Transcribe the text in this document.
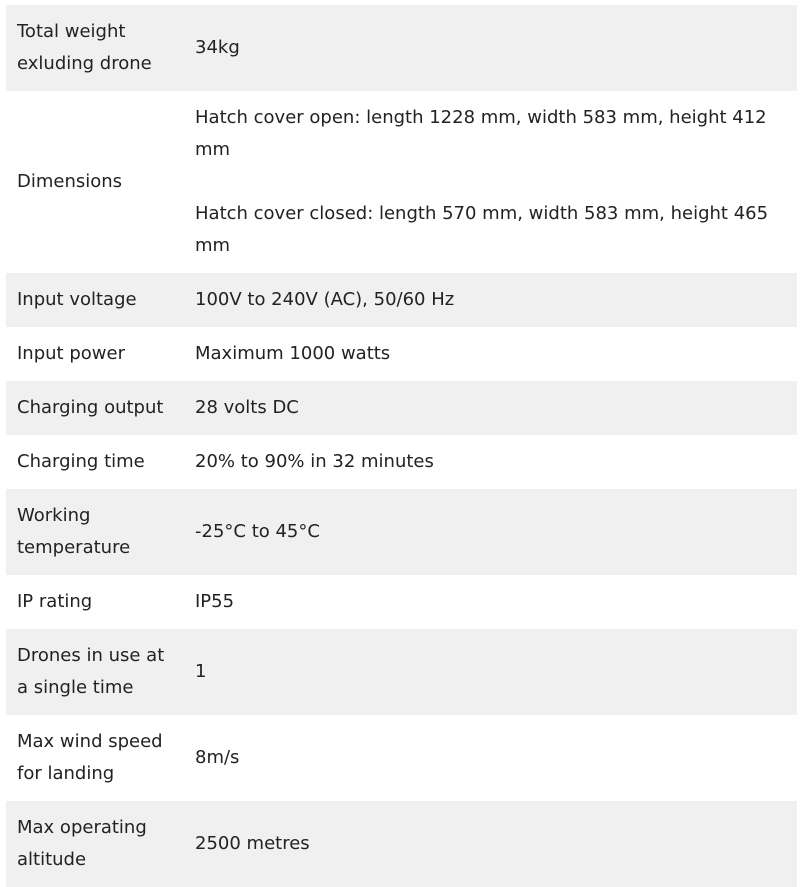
Total weight exluding drone	34kg

Dimensions	Hatch cover open: length 1228 mm, width 583 mm, height 412 mm

Hatch cover closed: length 570 mm, width 583 mm, height 465 mm

Input voltage	100V to 240V (AC), 50/60 Hz

Input power	Maximum 1000 watts

Charging output	28 volts DC

Charging time	20% to 90% in 32 minutes

Working temperature	-25°C to 45°C

IP rating	IP55

Drones in use at a single time	1

Max wind speed for landing	8m/s

Max operating altitude	2500 metres
